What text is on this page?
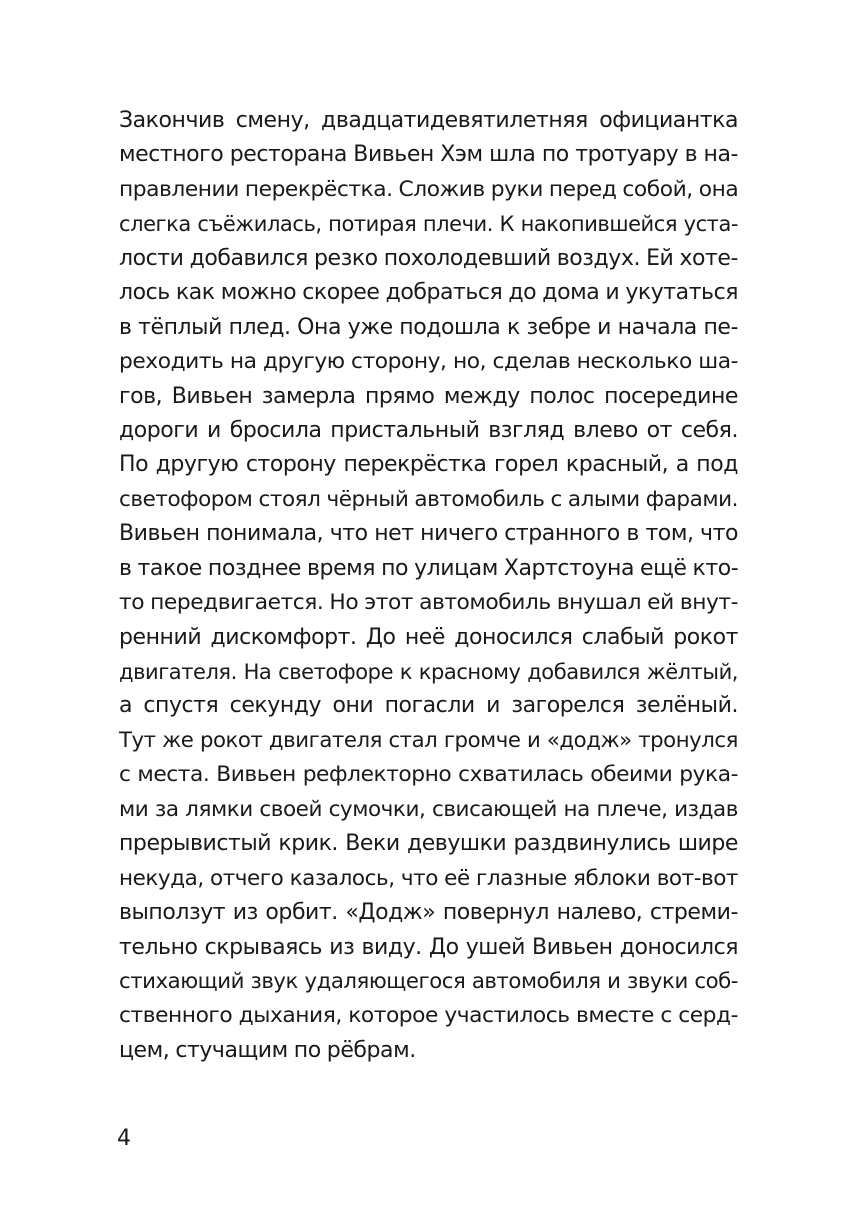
Закончив смену, двадцатидевятилетняя официантка
местного ресторана Вивьен Хэм шла по тротуару в на-
правлении перекрёстка. Сложив руки перед собой, она
слегка съёжилась, потирая плечи. К накопившейся уста-
лости добавился резко похолодевший воздух. Ей хоте-
лось как можно скорее добраться до дома и укутаться
в тёплый плед. Она уже подошла к зебре и начала пе-
реходить на другую сторону, но, сделав несколько ша-
гов, Вивьен замерла прямо между полос посередине
дороги и бросила пристальный взгляд влево от себя.
По другую сторону перекрёстка горел красный, а под
светофором стоял чёрный автомобиль с алыми фарами.
Вивьен понимала, что нет ничего странного в том, что
в такое позднее время по улицам Хартстоуна ещё кто-
то передвигается. Но этот автомобиль внушал ей внут-
ренний дискомфорт. До неё доносился слабый рокот
двигателя. На светофоре к красному добавился жёлтый,
а спустя секунду они погасли и загорелся зелёный.
Тут же рокот двигателя стал громче и «додж» тронулся
с места. Вивьен рефлекторно схватилась обеими рука-
ми за лямки своей сумочки, свисающей на плече, издав
прерывистый крик. Веки девушки раздвинулись шире
некуда, отчего казалось, что её глазные яблоки вот-вот
выползут из орбит. «Додж» повернул налево, стреми-
тельно скрываясь из виду. До ушей Вивьен доносился
стихающий звук удаляющегося автомобиля и звуки соб-
ственного дыхания, которое участилось вместе с серд-
цем, стучащим по рёбрам.
4
